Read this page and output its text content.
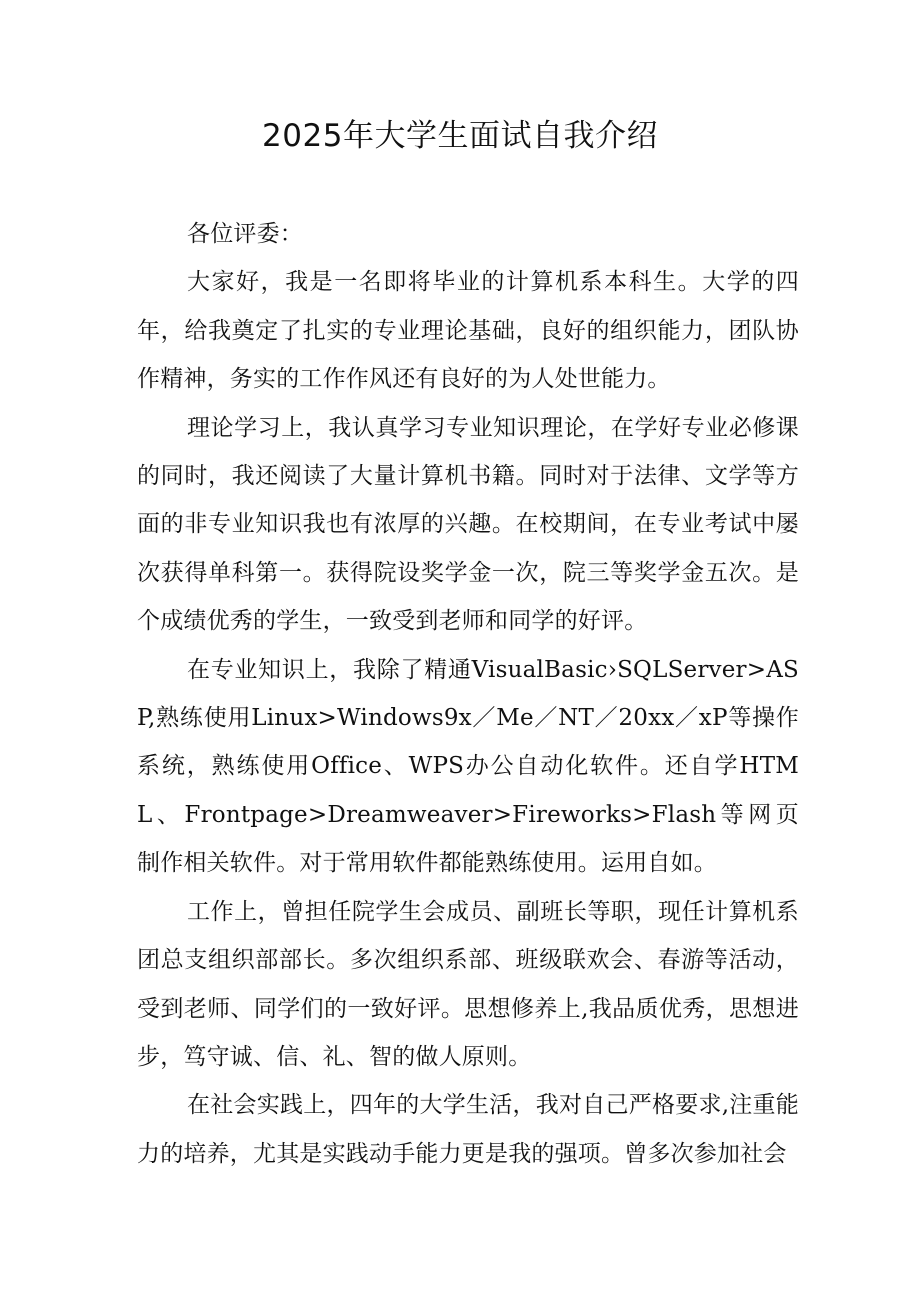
2025年大学生面试自我介绍

各位评委：

大家好，我是一名即将毕业的计算机系本科生。大学的四年，给我奠定了扎实的专业理论基础，良好的组织能力，团队协作精神，务实的工作作风还有良好的为人处世能力。

理论学习上，我认真学习专业知识理论，在学好专业必修课的同时，我还阅读了大量计算机书籍。同时对于法律、文学等方面的非专业知识我也有浓厚的兴趣。在校期间，在专业考试中屡次获得单科第一。获得院设奖学金一次，院三等奖学金五次。是个成绩优秀的学生，一致受到老师和同学的好评。

在专业知识上，我除了精通VisualBasic›SQLServer>ASP,熟练使用Linux>Windows9x／Me／NT／20xx／xP等操作系统，熟练使用Office、WPS办公自动化软件。还自学HTML、Frontpage>Dreamweaver>Fireworks>Flash等网页制作相关软件。对于常用软件都能熟练使用。运用自如。

工作上，曾担任院学生会成员、副班长等职，现任计算机系团总支组织部部长。多次组织系部、班级联欢会、春游等活动，受到老师、同学们的一致好评。思想修养上,我品质优秀，思想进步，笃守诚、信、礼、智的做人原则。

在社会实践上，四年的大学生活，我对自己严格要求,注重能力的培养，尤其是实践动手能力更是我的强项。曾多次参加社会
